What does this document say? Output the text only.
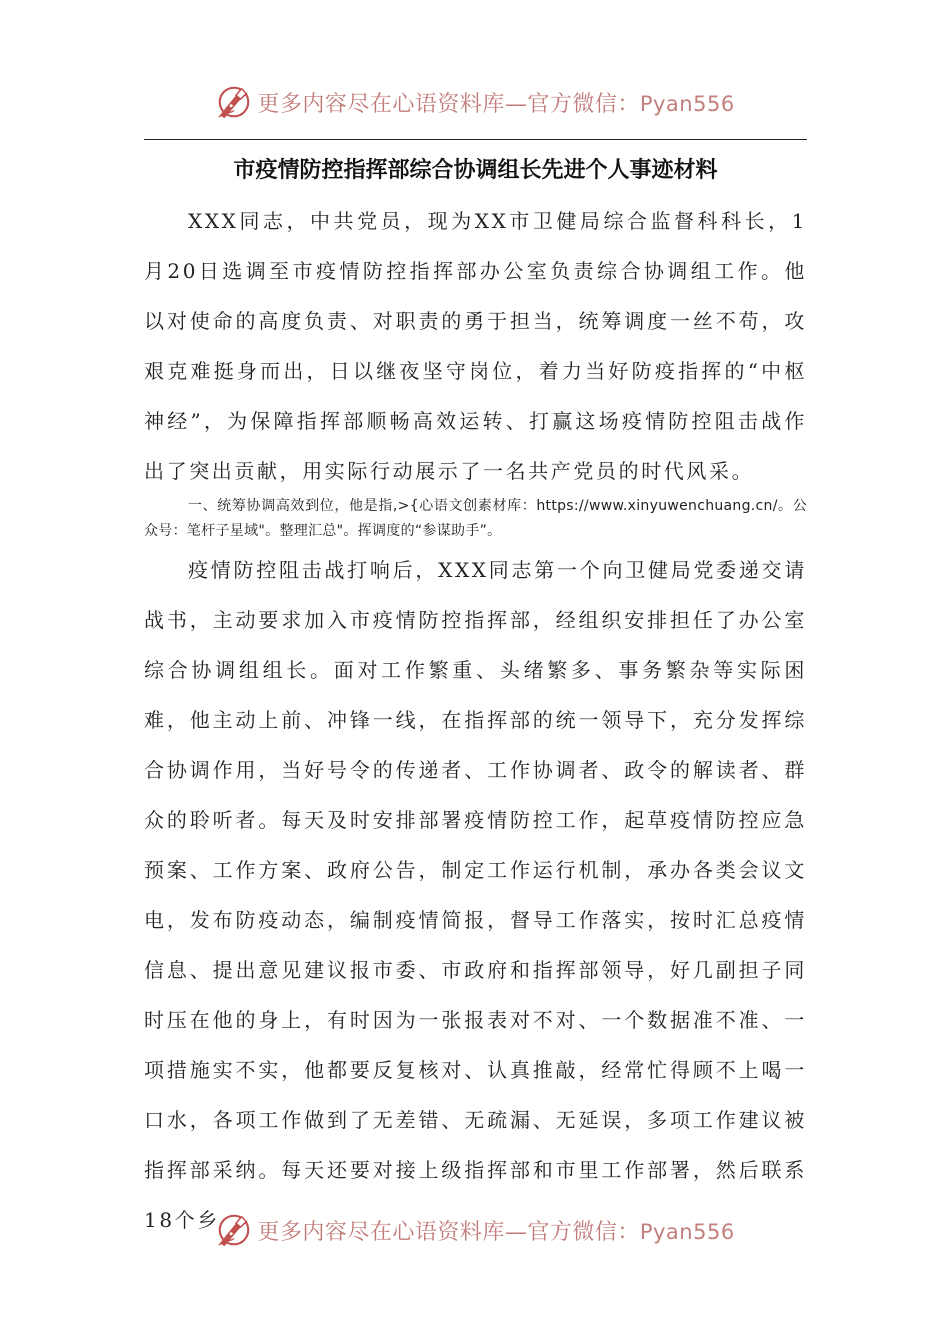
更多内容尽在心语资料库—官方微信：Pyan556
市疫情防控指挥部综合协调组长先进个人事迹材料
XXX同志，中共党员，现为XX市卫健局综合监督科科长，1月20日选调至市疫情防控指挥部办公室负责综合协调组工作。他以对使命的高度负责、对职责的勇于担当，统筹调度一丝不苟，攻艰克难挺身而出，日以继夜坚守岗位，着力当好防疫指挥的“中枢神经”，为保障指挥部顺畅高效运转、打赢这场疫情防控阻击战作出了突出贡献，用实际行动展示了一名共产党员的时代风采。
一、统筹协调高效到位，他是指,>{心语文创素材库：https://www.xinyuwenchuang.cn/。公众号：笔杆子星域"。整理汇总"。挥调度的“参谋助手”。
疫情防控阻击战打响后，XXX同志第一个向卫健局党委递交请战书，主动要求加入市疫情防控指挥部，经组织安排担任了办公室综合协调组组长。面对工作繁重、头绪繁多、事务繁杂等实际困难，他主动上前、冲锋一线，在指挥部的统一领导下，充分发挥综合协调作用，当好号令的传递者、工作协调者、政令的解读者、群众的聆听者。每天及时安排部署疫情防控工作，起草疫情防控应急预案、工作方案、政府公告，制定工作运行机制，承办各类会议文电，发布防疫动态，编制疫情简报，督导工作落实，按时汇总疫情信息、提出意见建议报市委、市政府和指挥部领导，好几副担子同时压在他的身上，有时因为一张报表对不对、一个数据准不准、一项措施实不实，他都要反复核对、认真推敲，经常忙得顾不上喝一口水，各项工作做到了无差错、无疏漏、无延误，多项工作建议被指挥部采纳。每天还要对接上级指挥部和市里工作部署，然后联系18个乡	更多内容尽在心语资料库—官方微信：Pyan556
